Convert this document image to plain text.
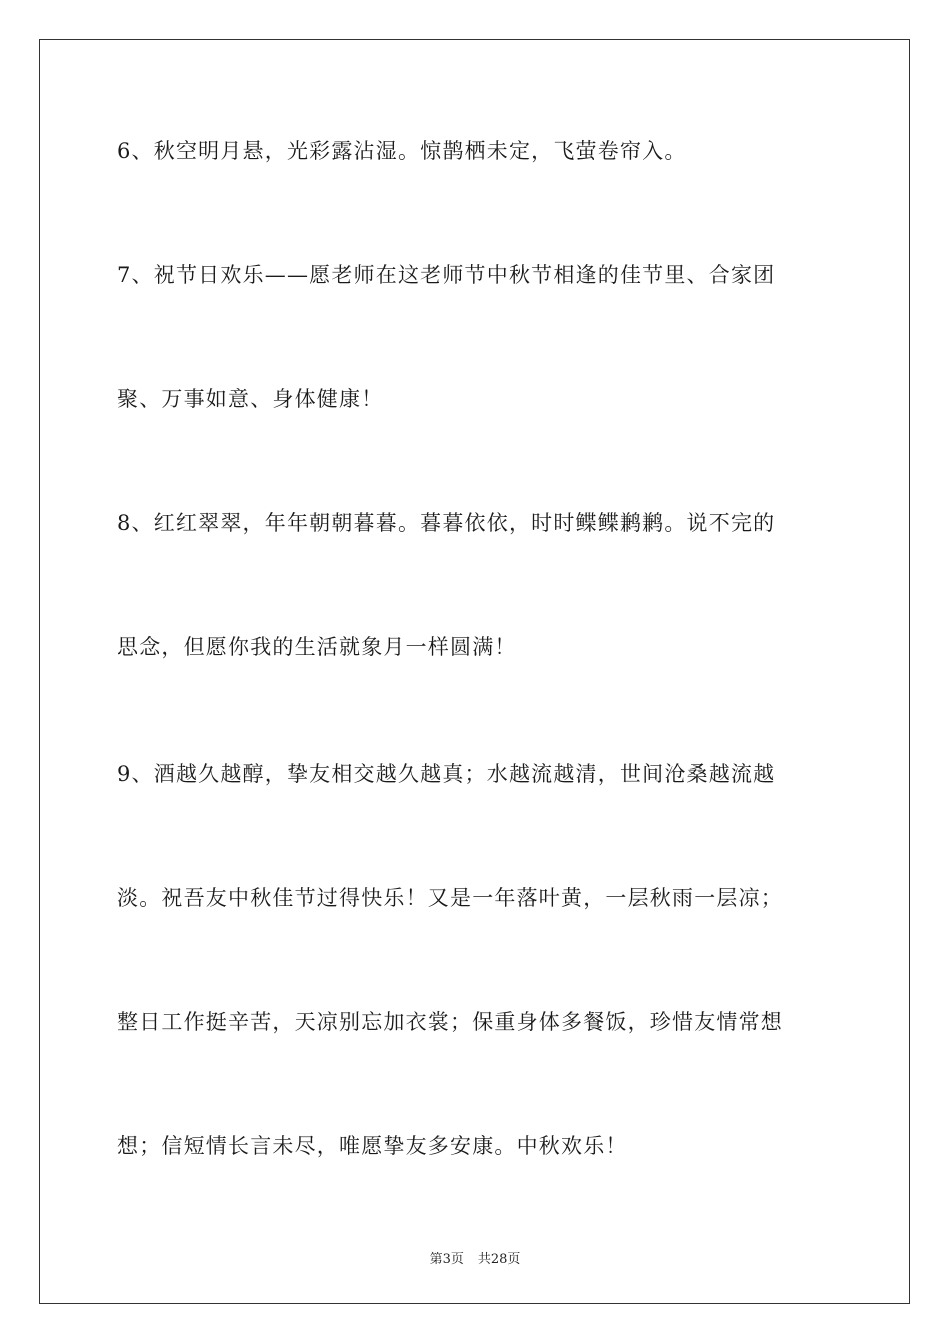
6、秋空明月悬，光彩露沾湿。惊鹊栖未定，飞萤卷帘入。
7、祝节日欢乐——愿老师在这老师节中秋节相逢的佳节里、合家团
聚、万事如意、身体健康！
8、红红翠翠，年年朝朝暮暮。暮暮依依，时时鲽鲽鹣鹣。说不完的
思念，但愿你我的生活就象月一样圆满！
9、酒越久越醇，挚友相交越久越真；水越流越清，世间沧桑越流越
淡。祝吾友中秋佳节过得快乐！又是一年落叶黄，一层秋雨一层凉；
整日工作挺辛苦，天凉别忘加衣裳；保重身体多餐饭，珍惜友情常想
想；信短情长言未尽，唯愿挚友多安康。中秋欢乐！
第3页 共28页
